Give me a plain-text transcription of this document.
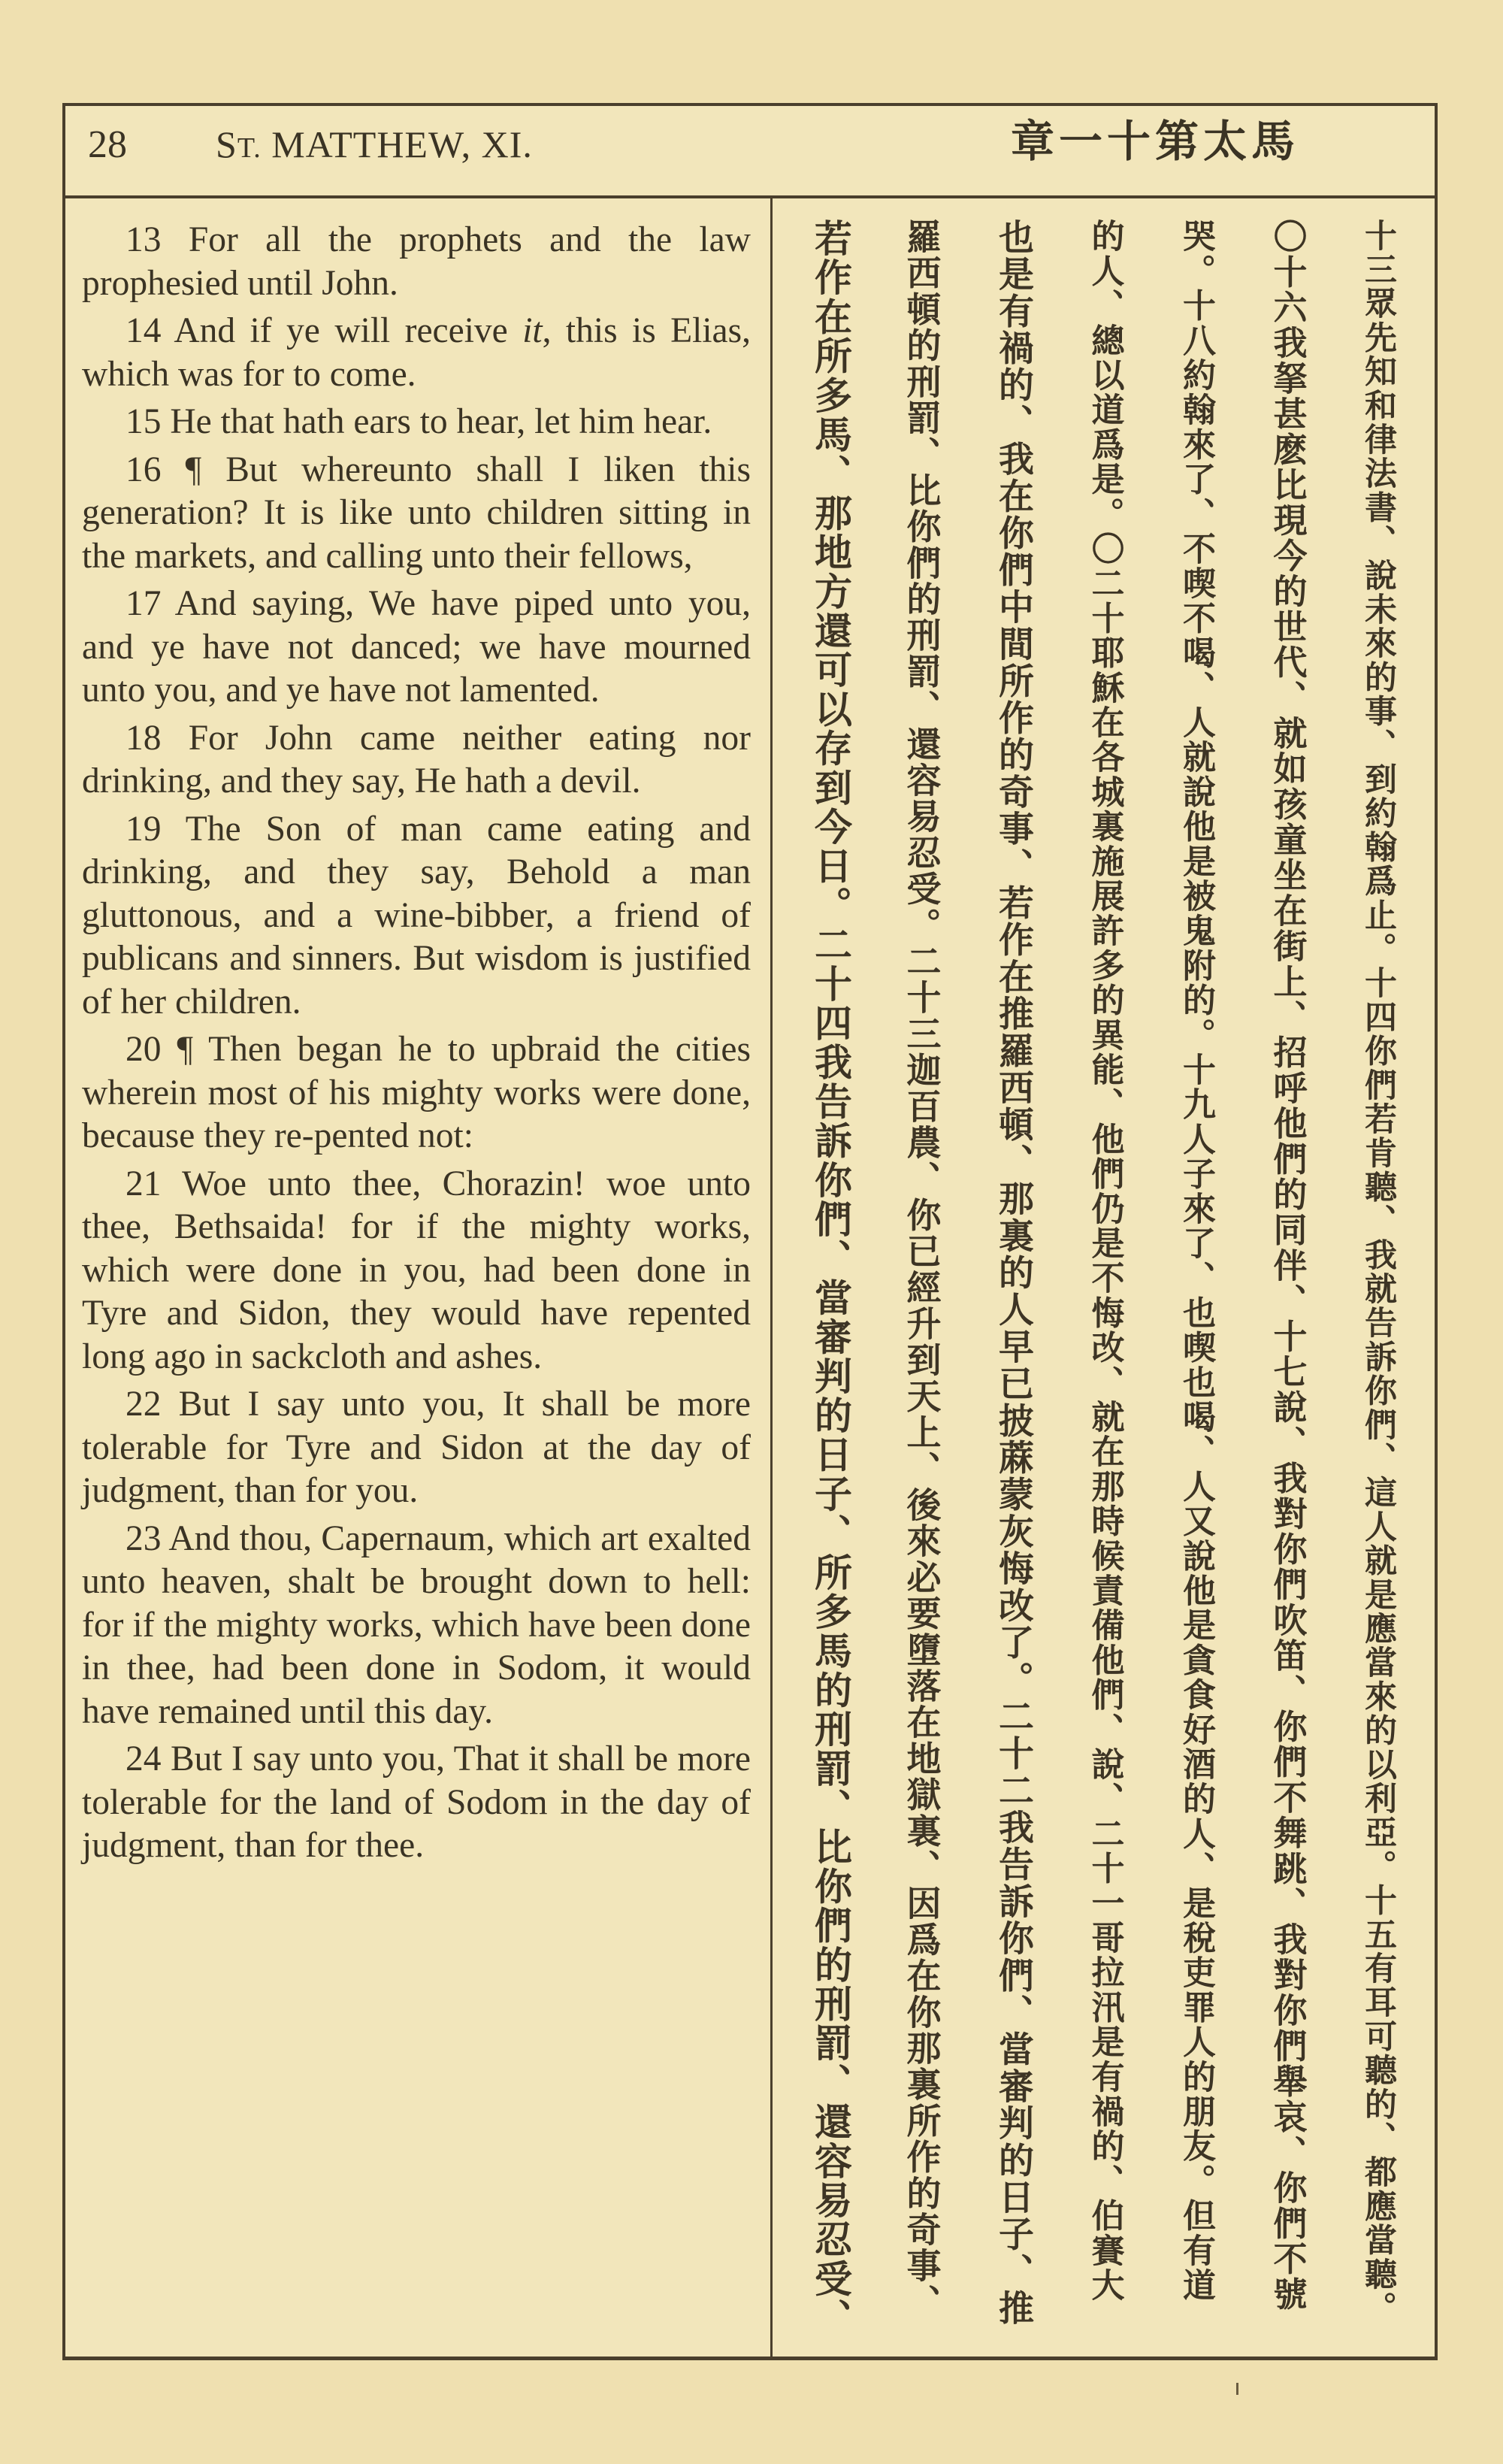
28 ST. MATTHEW, XI.	馬太第十一章

13 For all the prophets and the law prophesied until John.

14 And if ye will receive it, this is Elias, which was for to come.

15 He that hath ears to hear, let him hear.

16 ¶ But whereunto shall I liken this generation? It is like unto children sitting in the markets, and calling unto their fellows,

17 And saying, We have piped unto you, and ye have not danced; we have mourned unto you, and ye have not lamented.

18 For John came neither eating nor drinking, and they say, He hath a devil.

19 The Son of man came eating and drinking, and they say, Behold a man gluttonous, and a wine-bibber, a friend of publicans and sinners. But wisdom is justified of her children.

20 ¶ Then began he to upbraid the cities wherein most of his mighty works were done, because they re-pented not:

21 Woe unto thee, Chorazin! woe unto thee, Bethsaida! for if the mighty works, which were done in you, had been done in Tyre and Sidon, they would have repented long ago in sackcloth and ashes.

22 But I say unto you, It shall be more tolerable for Tyre and Sidon at the day of judgment, than for you.

23 And thou, Capernaum, which art exalted unto heaven, shalt be brought down to hell: for if the mighty works, which have been done in thee, had been done in Sodom, it would have remained until this day.

24 But I say unto you, That it shall be more tolerable for the land of Sodom in the day of judgment, than for thee.	十三眾先知和律法書、說未來的事、到約翰爲止。十四你們若肯聽、我就告訴你們、這人就是應當來的以利亞。十五有耳可聽的、都應當聽。
〇十六我拏甚麽比現今的世代、就如孩童坐在街上、招呼他們的同伴、十七說、我對你們吹笛、你們不舞跳、我對你們舉哀、你們不號
哭。十八約翰來了、不喫不喝、人就說他是被鬼附的。十九人子來了、也喫也喝、人又說他是貪食好酒的人、是稅吏罪人的朋友。但有道
的人、總以道爲是。〇二十耶穌在各城裏施展許多的異能、他們仍是不悔改、就在那時候責備他們、說、二十一哥拉汛是有禍的、伯賽大
也是有禍的、我在你們中間所作的奇事、若作在推羅西頓、那裏的人早已披蔴蒙灰悔改了。二十二我告訴你們、當審判的日子、推
羅西頓的刑罰、比你們的刑罰、還容易忍受。二十三迦百農、你已經升到天上、後來必要墮落在地獄裏、因爲在你那裏所作的奇事、
若作在所多馬、那地方還可以存到今日。二十四我告訴你們、當審判的日子、所多馬的刑罰、比你們的刑罰、還容易忍受、
